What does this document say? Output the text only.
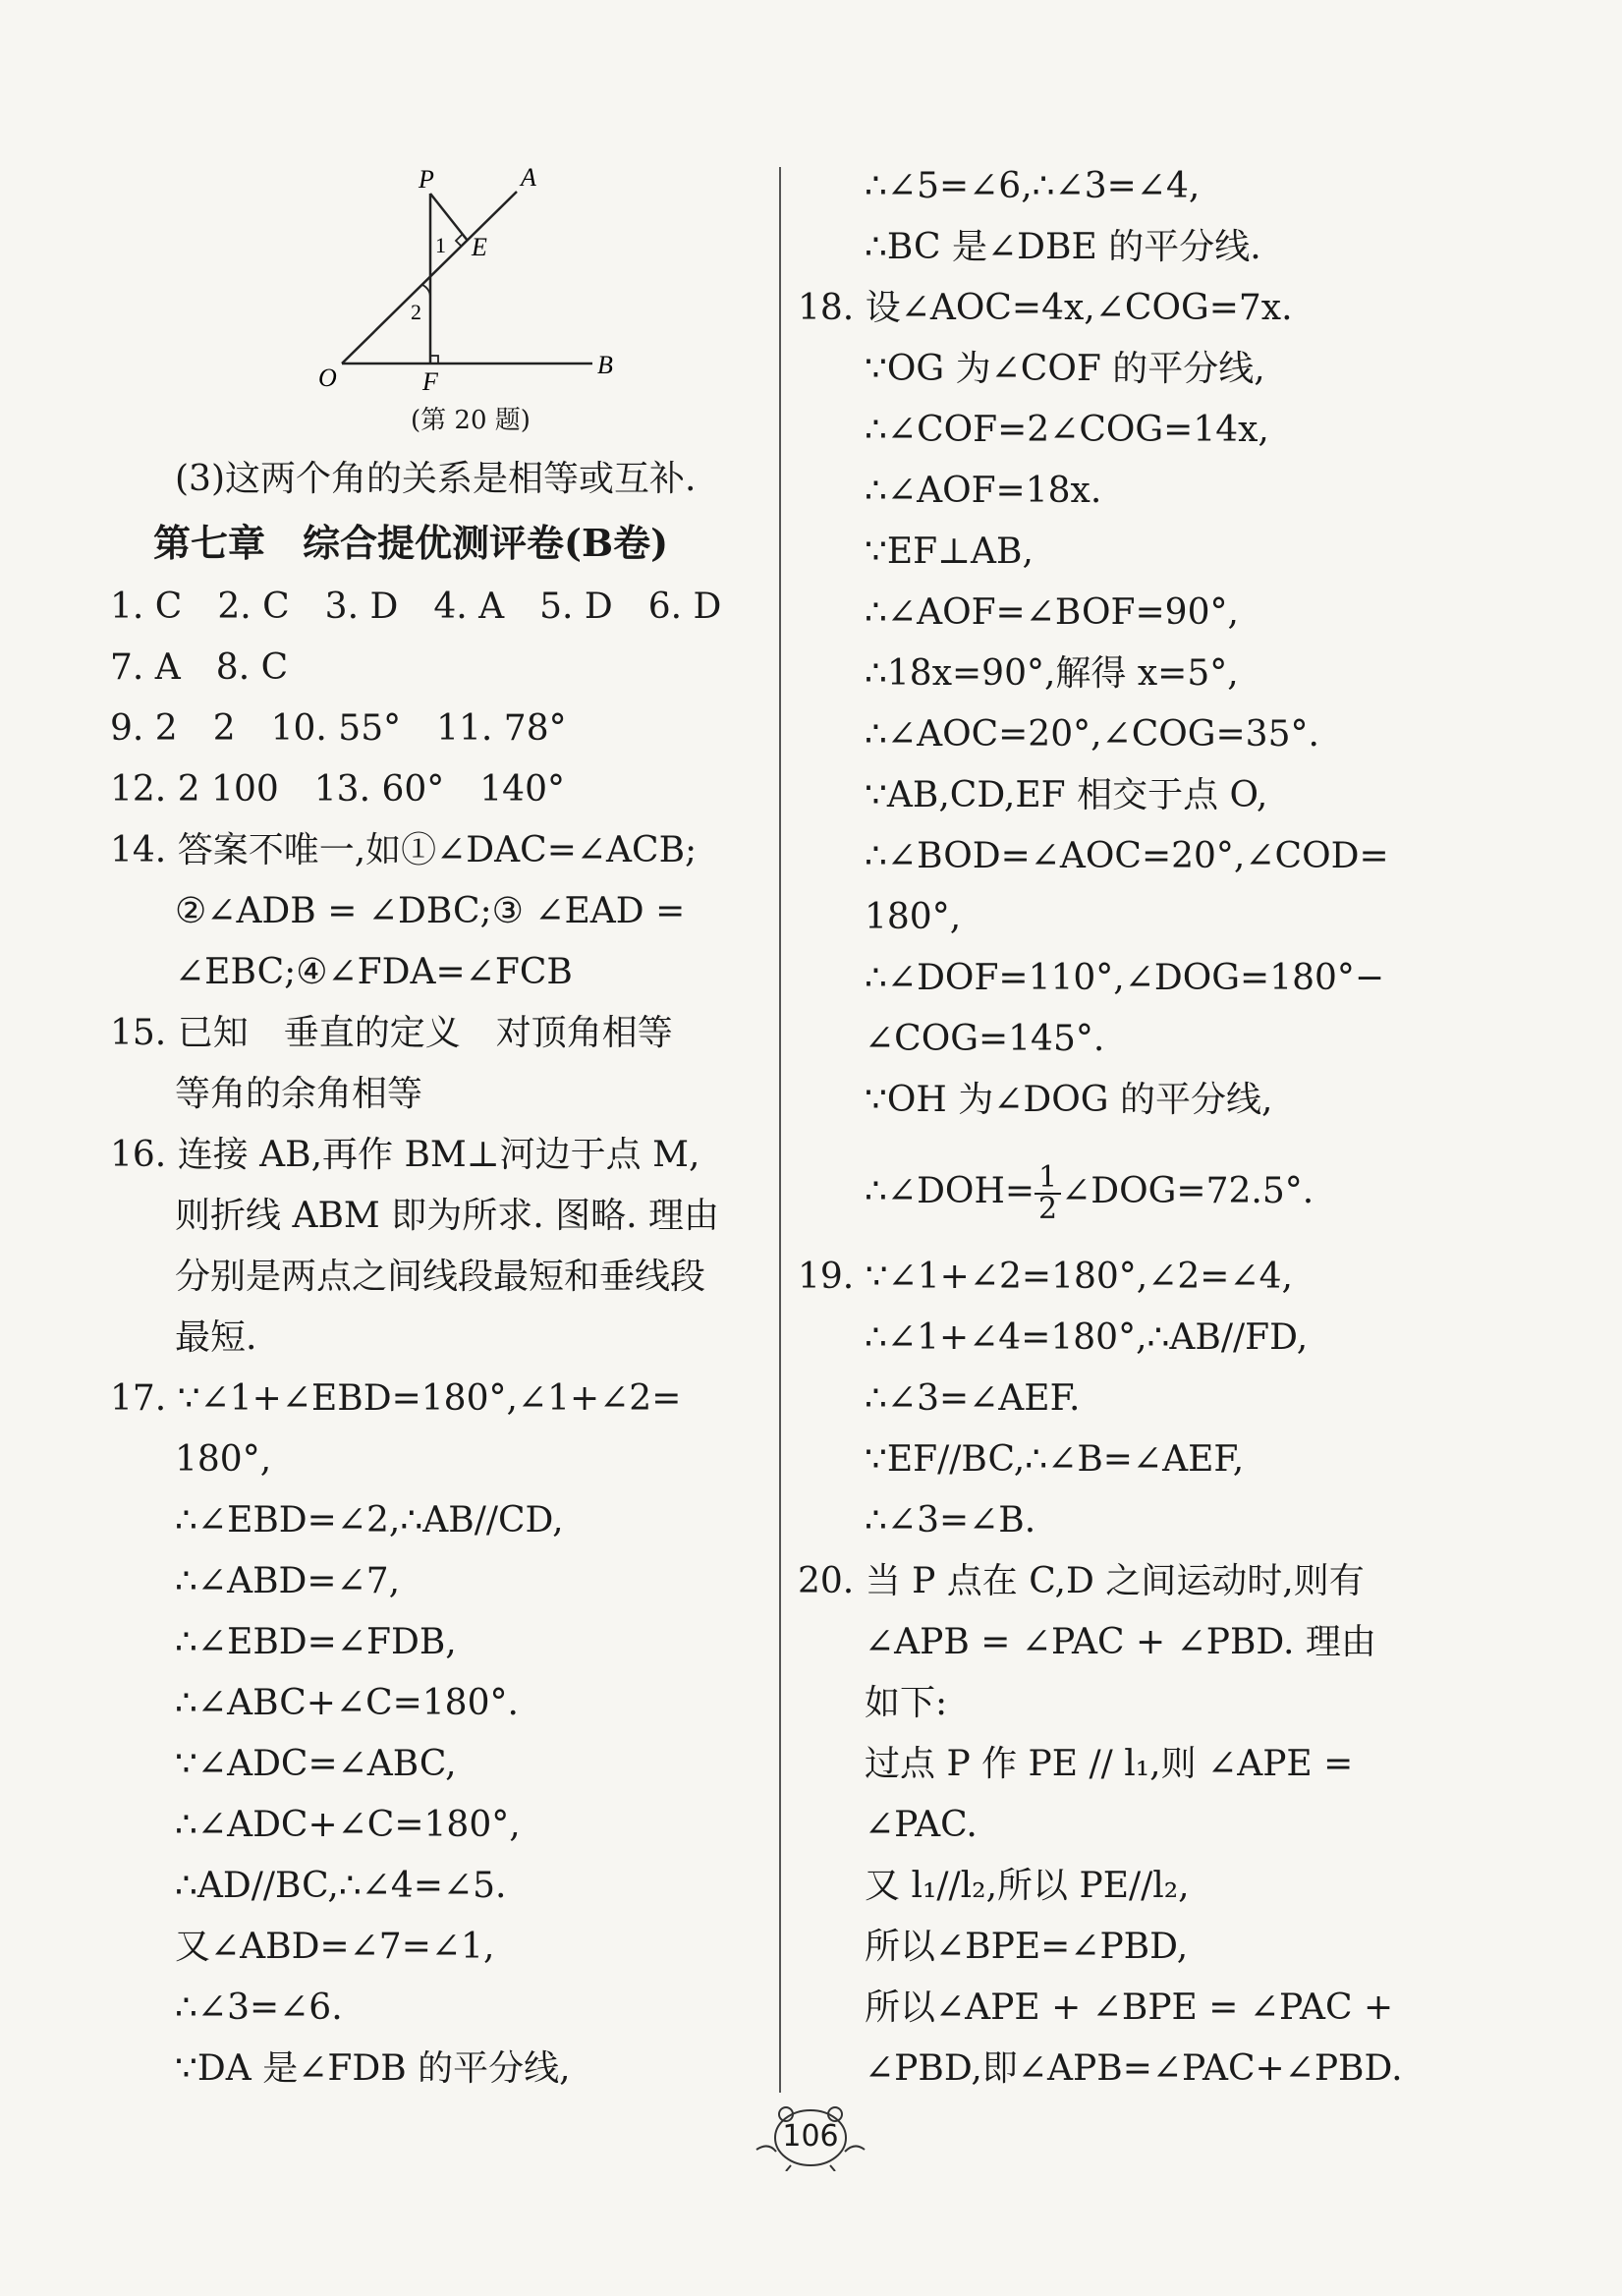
P	A
E
O	F
B
1
2
(第 20 题)
(3)这两个角的关系是相等或互补.
第七章　综合提优测评卷(B卷)
1. C　2. C　3. D　4. A　5. D　6. D
7. A　8. C
9. 2　2　10. 55°　11. 78°
12. 2 100　13. 60°　140°
14. 答案不唯一,如①∠DAC=∠ACB;
②∠ADB = ∠DBC;③ ∠EAD =
∠EBC;④∠FDA=∠FCB
15. 已知　垂直的定义　对顶角相等
等角的余角相等
16. 连接 AB,再作 BM⊥河边于点 M,
则折线 ABM 即为所求. 图略. 理由
分别是两点之间线段最短和垂线段
最短.
17. ∵∠1+∠EBD=180°,∠1+∠2=
180°,
∴∠EBD=∠2,∴AB//CD,
∴∠ABD=∠7,
∴∠EBD=∠FDB,
∴∠ABC+∠C=180°.
∵∠ADC=∠ABC,
∴∠ADC+∠C=180°,
∴AD//BC,∴∠4=∠5.
又∠ABD=∠7=∠1,
∴∠3=∠6.
∵DA 是∠FDB 的平分线,
∴∠5=∠6,∴∠3=∠4,
∴BC 是∠DBE 的平分线.
18. 设∠AOC=4x,∠COG=7x.
∵OG 为∠COF 的平分线,
∴∠COF=2∠COG=14x,
∴∠AOF=18x.
∵EF⊥AB,
∴∠AOF=∠BOF=90°,
∴18x=90°,解得 x=5°,
∴∠AOC=20°,∠COG=35°.
∵AB,CD,EF 相交于点 O,
∴∠BOD=∠AOC=20°,∠COD=
180°,
∴∠DOF=110°,∠DOG=180°−
∠COG=145°.
∵OH 为∠DOG 的平分线,
∴∠DOH= $\frac{1}{2}$ ∠DOG=72.5°.
19. ∵∠1+∠2=180°,∠2=∠4,
∴∠1+∠4=180°,∴AB//FD,
∴∠3=∠AEF.
∵EF//BC,∴∠B=∠AEF,
∴∠3=∠B.
20. 当 P 点在 C,D 之间运动时,则有
∠APB = ∠PAC + ∠PBD. 理由
如下:
过点 P 作 PE // l₁,则 ∠APE =
∠PAC.
又 l₁//l₂,所以 PE//l₂,
所以∠BPE=∠PBD,
所以∠APE + ∠BPE = ∠PAC +
∠PBD,即∠APB=∠PAC+∠PBD.
106
